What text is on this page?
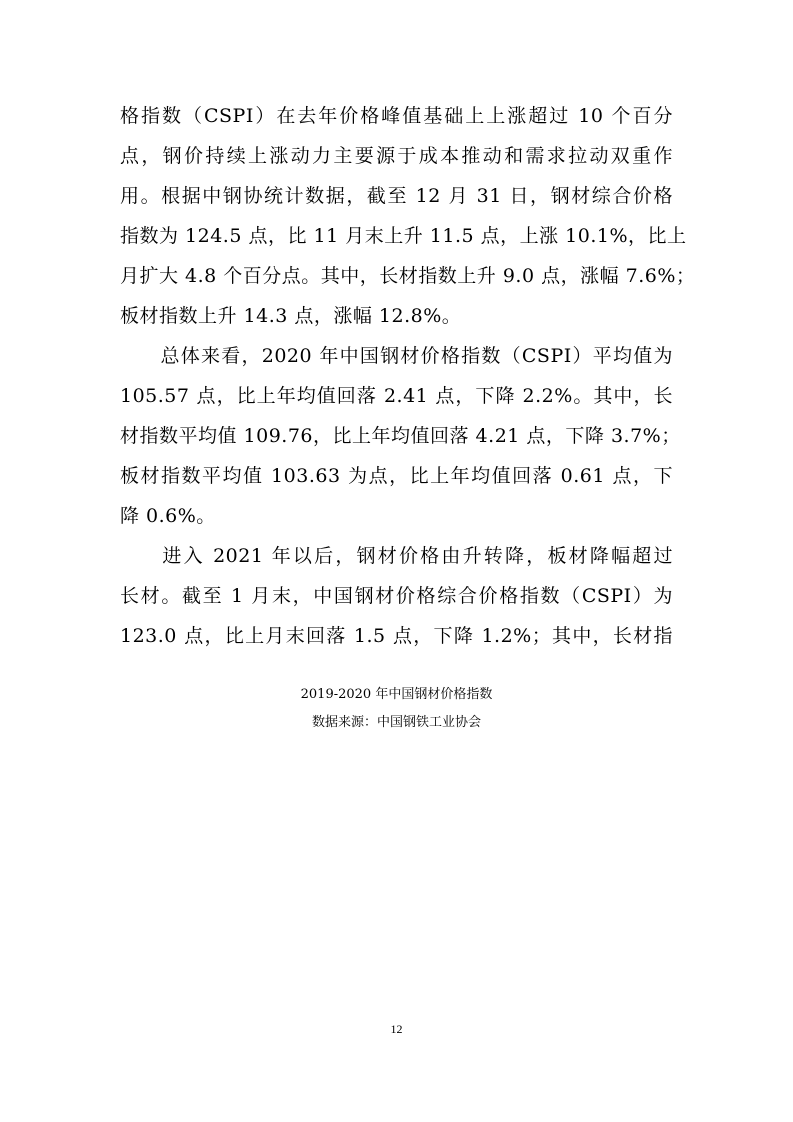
格指数（CSPI）在去年价格峰值基础上上涨超过 10 个百分
点，钢价持续上涨动力主要源于成本推动和需求拉动双重作
用。根据中钢协统计数据，截至 12 月 31 日，钢材综合价格
指数为 124.5 点，比 11 月末上升 11.5 点，上涨 10.1%，比上
月扩大 4.8 个百分点。其中，长材指数上升 9.0 点，涨幅 7.6%；
板材指数上升 14.3 点，涨幅 12.8%。
　　总体来看，2020 年中国钢材价格指数（CSPI）平均值为
105.57 点，比上年均值回落 2.41 点，下降 2.2%。其中，长
材指数平均值 109.76，比上年均值回落 4.21 点，下降 3.7%；
板材指数平均值 103.63 为点，比上年均值回落 0.61 点，下
降 0.6%。
　　进入 2021 年以后，钢材价格由升转降，板材降幅超过
长材。截至 1 月末，中国钢材价格综合价格指数（CSPI）为
123.0 点，比上月末回落 1.5 点，下降 1.2%；其中，长材指
2019-2020 年中国钢材价格指数
数据来源：中国钢铁工业协会
12
